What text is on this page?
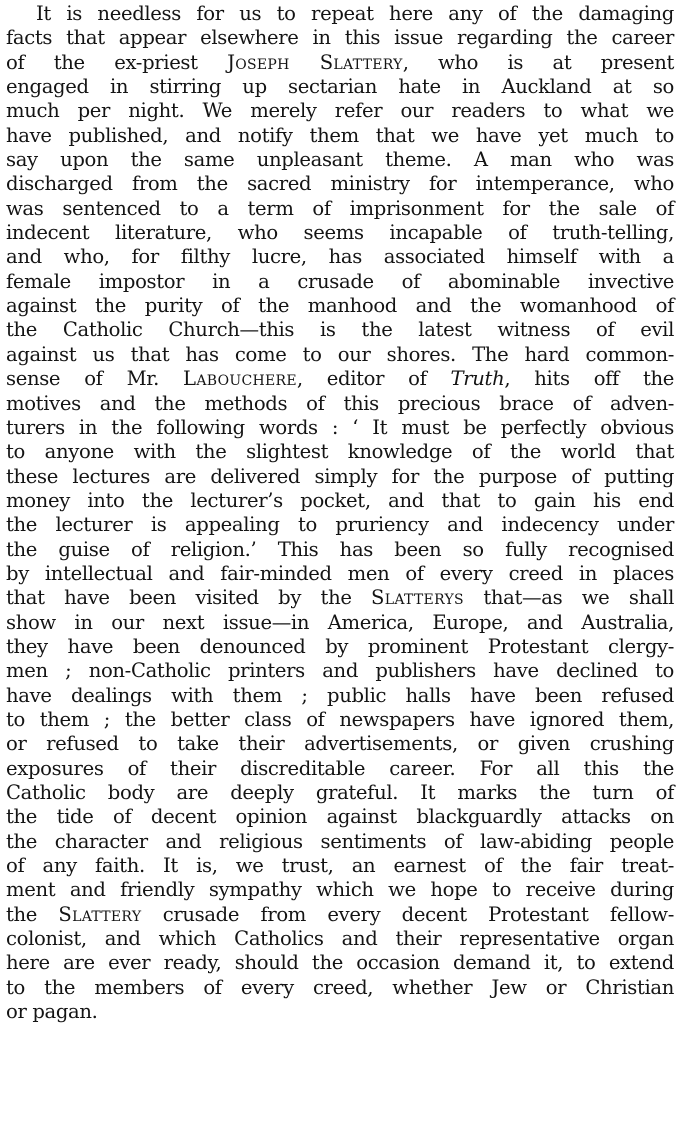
It is needless for us to repeat here any of the damaging
facts that appear elsewhere in this issue regarding the career
of the ex-priest Joseph Slattery, who is at present
engaged in stirring up sectarian hate in Auckland at so
much per night. We merely refer our readers to what we
have published, and notify them that we have yet much to
say upon the same unpleasant theme. A man who was
discharged from the sacred ministry for intemperance, who
was sentenced to a term of imprisonment for the sale of
indecent literature, who seems incapable of truth-telling,
and who, for filthy lucre, has associated himself with a
female impostor in a crusade of abominable invective
against the purity of the manhood and the womanhood of
the Catholic Church—this is the latest witness of evil
against us that has come to our shores. The hard common-
sense of Mr. Labouchere, editor of Truth, hits off the
motives and the methods of this precious brace of adven-
turers in the following words : ‘ It must be perfectly obvious
to anyone with the slightest knowledge of the world that
these lectures are delivered simply for the purpose of putting
money into the lecturer’s pocket, and that to gain his end
the lecturer is appealing to pruriency and indecency under
the guise of religion.’ This has been so fully recognised
by intellectual and fair-minded men of every creed in places
that have been visited by the Slatterys that—as we shall
show in our next issue—in America, Europe, and Australia,
they have been denounced by prominent Protestant clergy-
men ; non-Catholic printers and publishers have declined to
have dealings with them ; public halls have been refused
to them ; the better class of newspapers have ignored them,
or refused to take their advertisements, or given crushing
exposures of their discreditable career. For all this the
Catholic body are deeply grateful. It marks the turn of
the tide of decent opinion against blackguardly attacks on
the character and religious sentiments of law-abiding people
of any faith. It is, we trust, an earnest of the fair treat-
ment and friendly sympathy which we hope to receive during
the Slattery crusade from every decent Protestant fellow-
colonist, and which Catholics and their representative organ
here are ever ready, should the occasion demand it, to extend
to the members of every creed, whether Jew or Christian
or pagan.
